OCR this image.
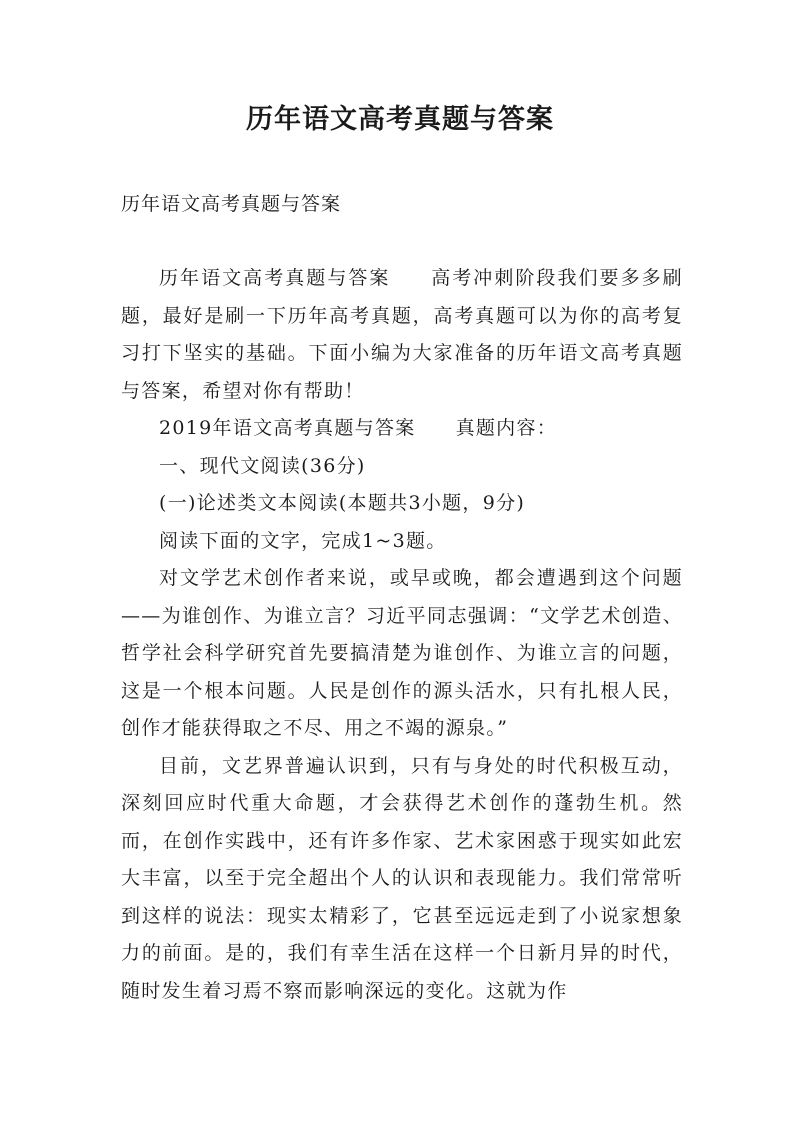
历年语文高考真题与答案

历年语文高考真题与答案

历年语文高考真题与答案 高考冲刺阶段我们要多多刷题，最好是刷一下历年高考真题，高考真题可以为你的高考复习打下坚实的基础。下面小编为大家准备的历年语文高考真题与答案，希望对你有帮助！

2019年语文高考真题与答案 真题内容：

一、现代文阅读(36分)

(一)论述类文本阅读(本题共3小题，9分)

阅读下面的文字，完成1~3题。

对文学艺术创作者来说，或早或晚，都会遭遇到这个问题——为谁创作、为谁立言？习近平同志强调：“文学艺术创造、哲学社会科学研究首先要搞清楚为谁创作、为谁立言的问题，这是一个根本问题。人民是创作的源头活水，只有扎根人民，创作才能获得取之不尽、用之不竭的源泉。”

目前，文艺界普遍认识到，只有与身处的时代积极互动，深刻回应时代重大命题，才会获得艺术创作的蓬勃生机。然而，在创作实践中，还有许多作家、艺术家困惑于现实如此宏大丰富，以至于完全超出个人的认识和表现能力。我们常常听到这样的说法：现实太精彩了，它甚至远远走到了小说家想象力的前面。是的，我们有幸生活在这样一个日新月异的时代，随时发生着习焉不察而影响深远的变化。这就为作
